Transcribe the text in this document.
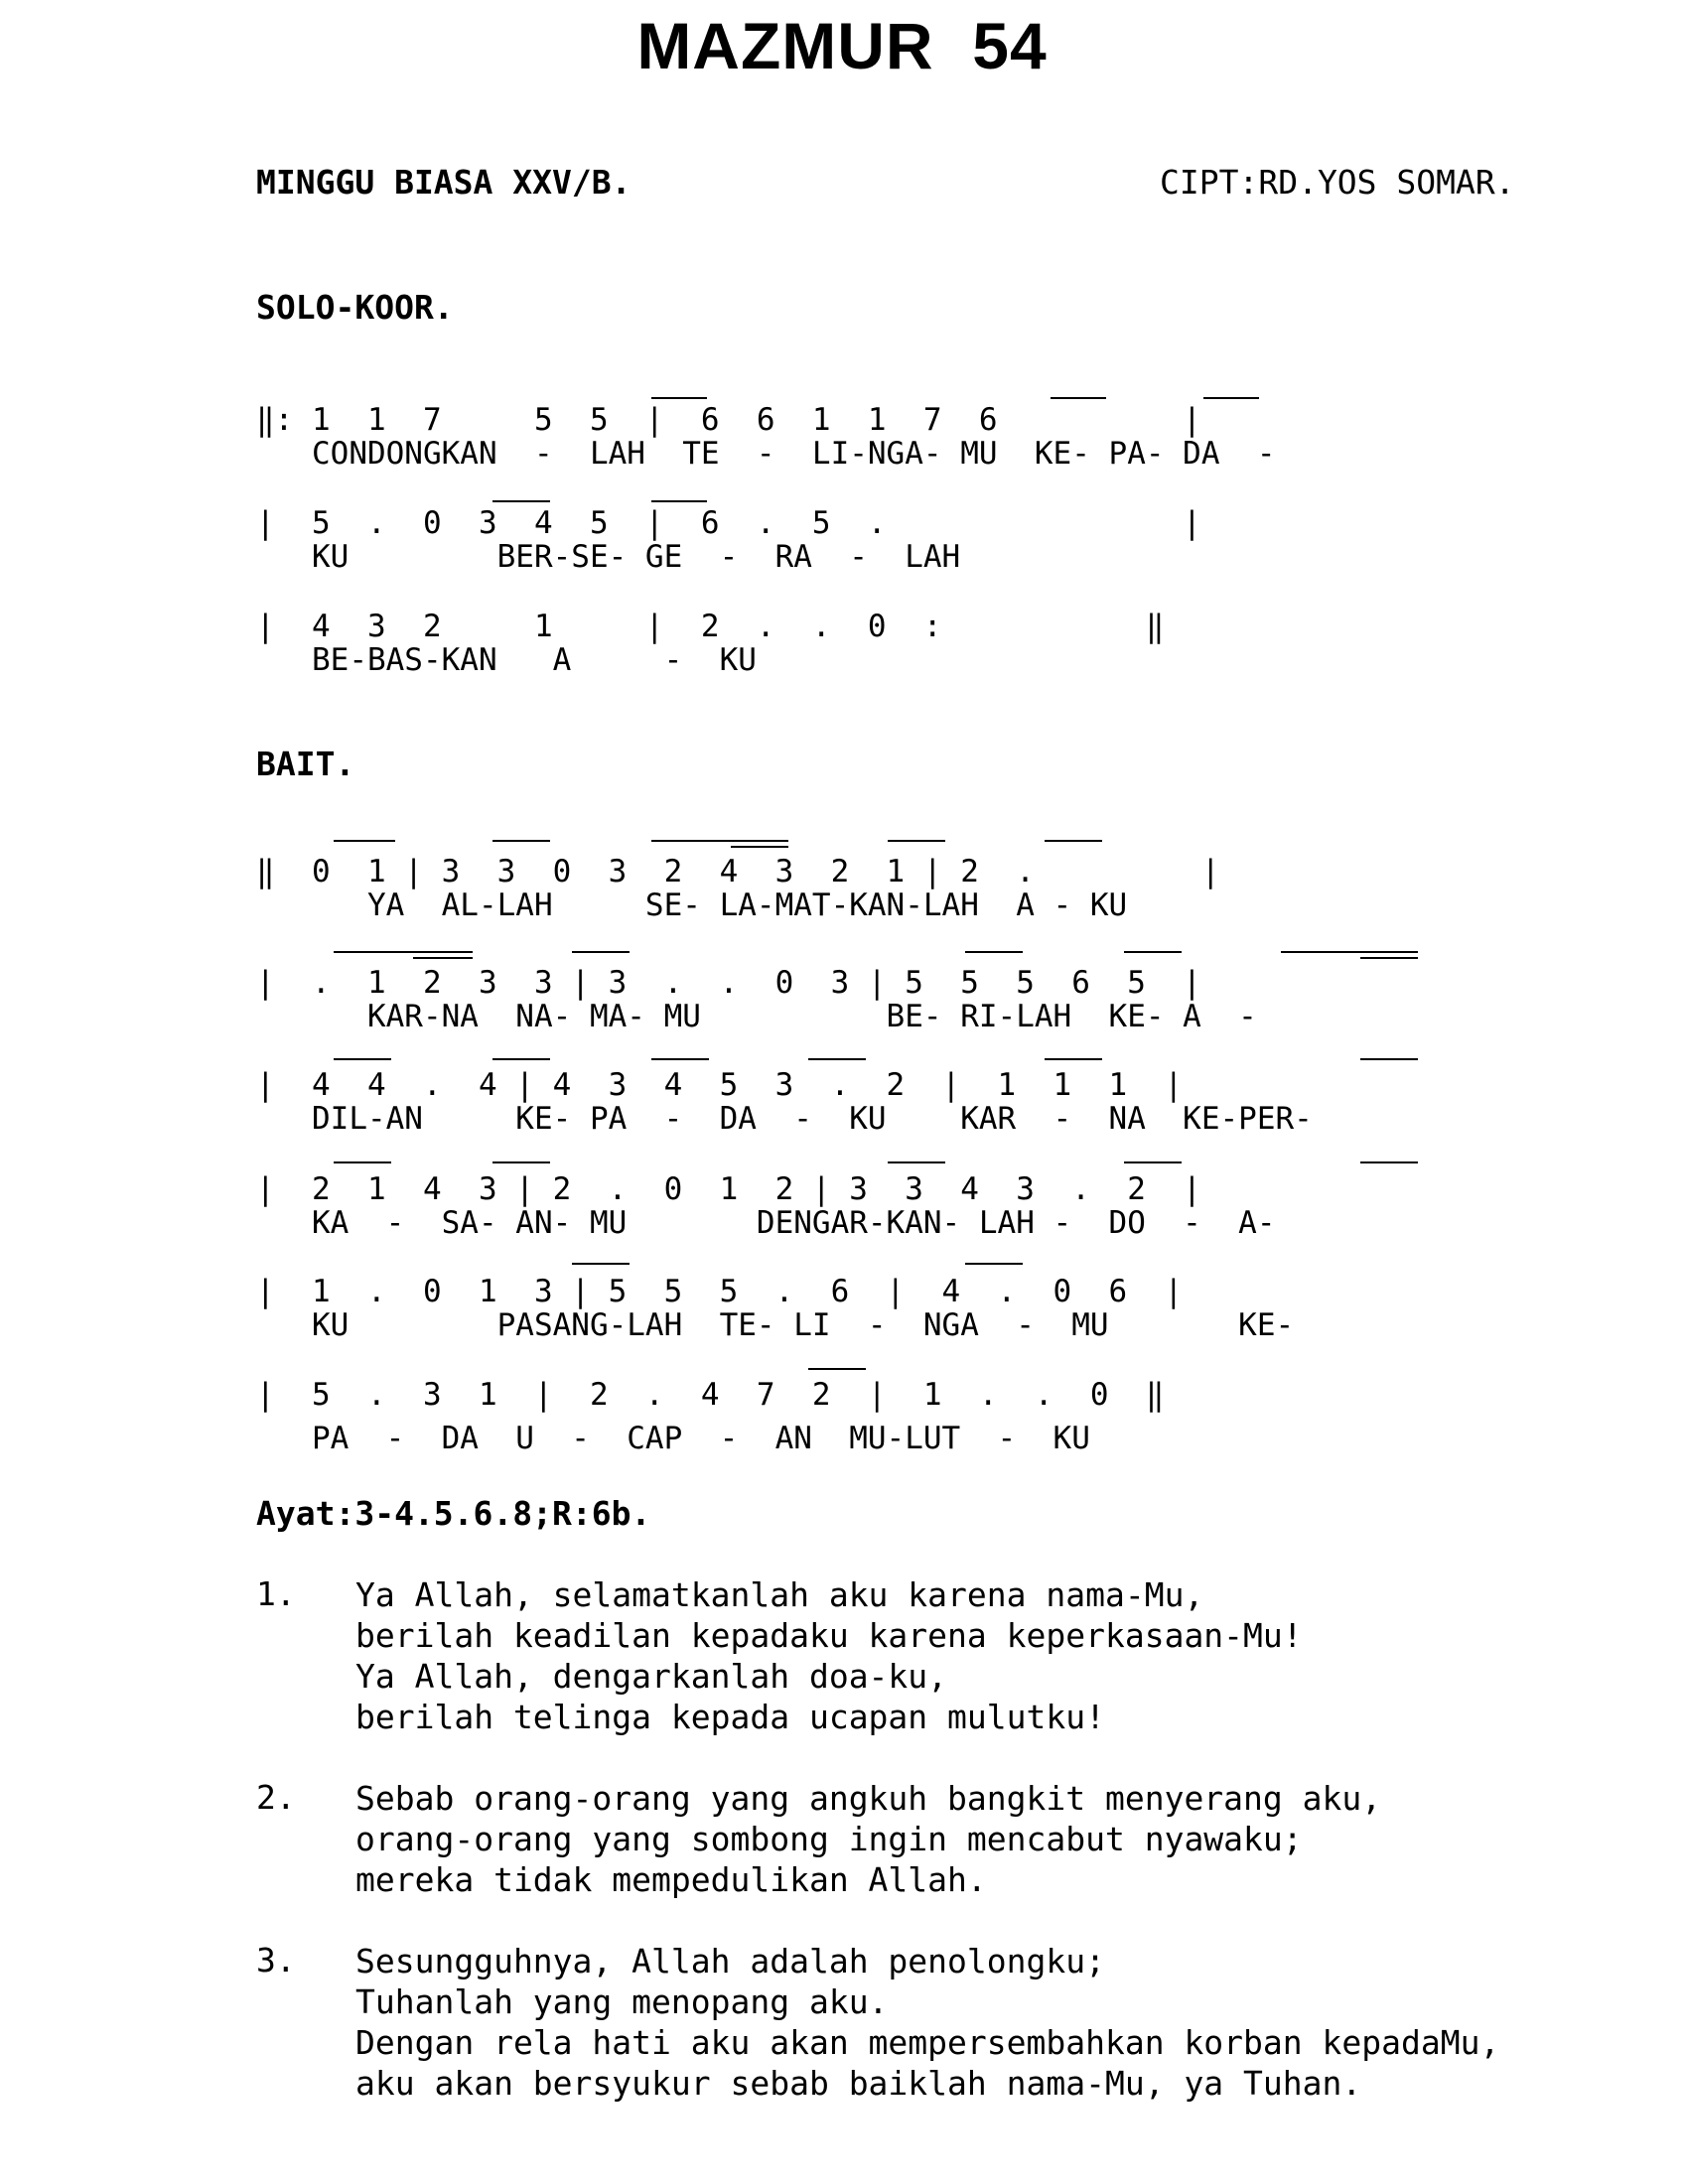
MAZMUR  54
MINGGU BIASA XXV/B.	CIPT:RD.YOS SOMAR.
SOLO-KOOR.
‖: 1  1  7     5  5  |  6  6  1  1  7  6          |
CONDONGKAN  -  LAH  TE  -  LI-NGA- MU  KE- PA- DA  -
|  5  .  0  3  4  5  |  6  .  5  .                |
KU        BER-SE- GE  -  RA  -  LAH
|  4  3  2     1     |  2  .  .  0  :           ‖
BE-BAS-KAN   A     -  KU
BAIT.
‖  0  1 | 3  3  0  3  2  4  3  2  1 | 2  .         |
YA  AL-LAH     SE- LA-MAT-KAN-LAH  A - KU
|  .  1  2  3  3 | 3  .  .  0  3 | 5  5  5  6  5  |
KAR-NA  NA- MA- MU          BE- RI-LAH  KE- A  -
|  4  4  .  4 | 4  3  4  5  3  .  2  |  1  1  1  |
DIL-AN     KE- PA  -  DA  -  KU    KAR  -  NA  KE-PER-
|  2  1  4  3 | 2  .  0  1  2 | 3  3  4  3  .  2  |
KA  -  SA- AN- MU       DENGAR-KAN- LAH -  DO  -  A-
|  1  .  0  1  3 | 5  5  5  .  6  |  4  .  0  6  |
KU        PASANG-LAH  TE- LI  -  NGA  -  MU       KE-
|  5  .  3  1  |  2  .  4  7  2  |  1  .  .  0  ‖
PA  -  DA  U  -  CAP  -  AN  MU-LUT  -  KU
Ayat:3-4.5.6.8;R:6b.
1. Ya Allah, selamatkanlah aku karena nama-Mu,
berilah keadilan kepadaku karena keperkasaan-Mu!
Ya Allah, dengarkanlah doa-ku,
berilah telinga kepada ucapan mulutku!
2. Sebab orang-orang yang angkuh bangkit menyerang aku,
orang-orang yang sombong ingin mencabut nyawaku;
mereka tidak mempedulikan Allah.
3. Sesungguhnya, Allah adalah penolongku;
Tuhanlah yang menopang aku.
Dengan rela hati aku akan mempersembahkan korban kepadaMu,
aku akan bersyukur sebab baiklah nama-Mu, ya Tuhan.
